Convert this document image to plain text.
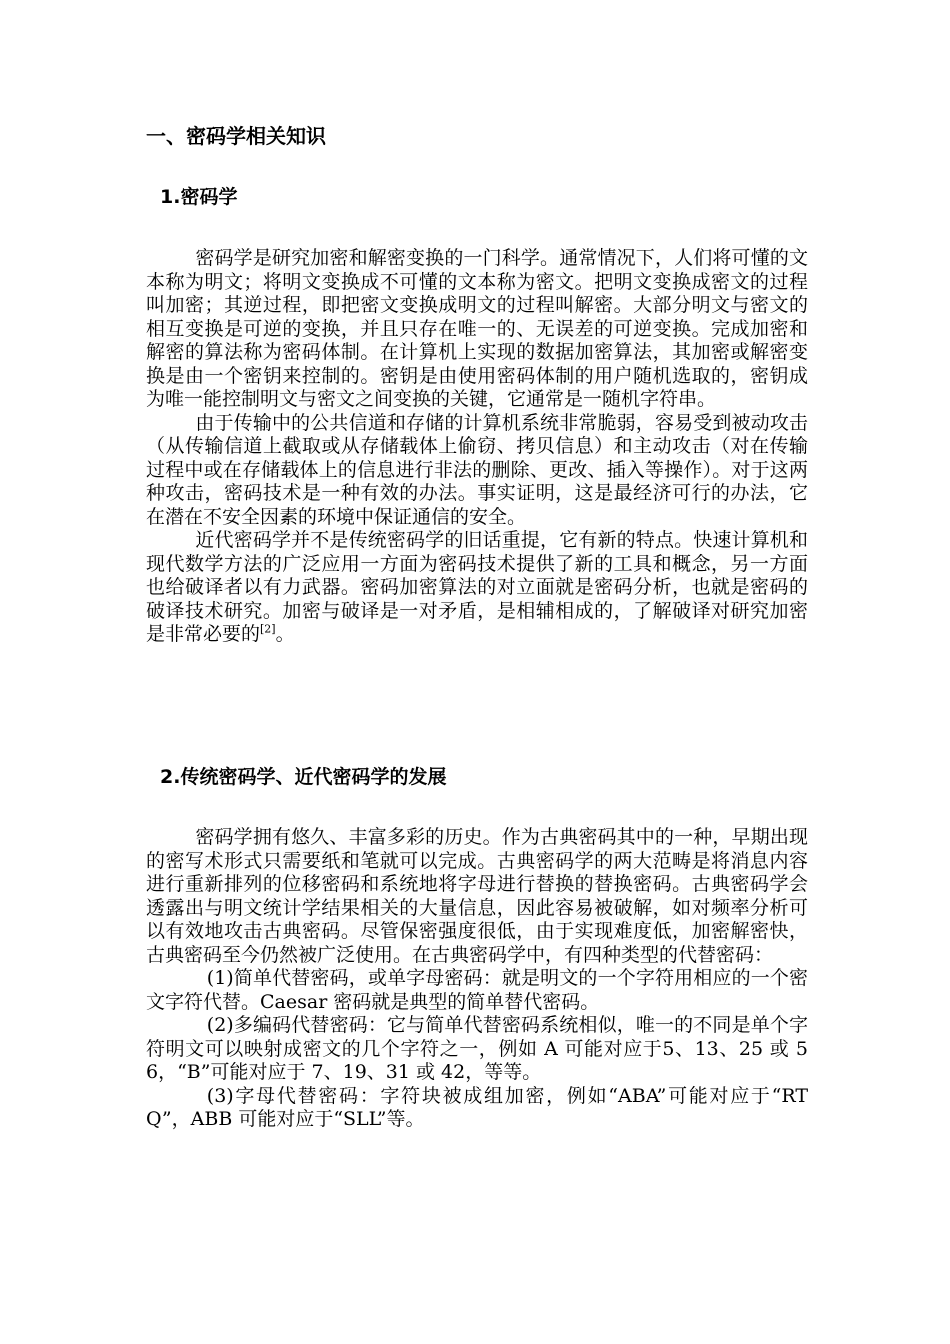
一、密码学相关知识
1.密码学

密码学是研究加密和解密变换的一门科学。通常情况下，人们将可懂的文本称为明文；将明文变换成不可懂的文本称为密文。把明文变换成密文的过程叫加密；其逆过程，即把密文变换成明文的过程叫解密。大部分明文与密文的相互变换是可逆的变换，并且只存在唯一的、无误差的可逆变换。完成加密和解密的算法称为密码体制。在计算机上实现的数据加密算法，其加密或解密变换是由一个密钥来控制的。密钥是由使用密码体制的用户随机选取的，密钥成为唯一能控制明文与密文之间变换的关键，它通常是一随机字符串。

由于传输中的公共信道和存储的计算机系统非常脆弱，容易受到被动攻击（从传输信道上截取或从存储载体上偷窃、拷贝信息）和主动攻击（对在传输过程中或在存储载体上的信息进行非法的删除、更改、插入等操作）。对于这两种攻击，密码技术是一种有效的办法。事实证明，这是最经济可行的办法，它在潜在不安全因素的环境中保证通信的安全。

近代密码学并不是传统密码学的旧话重提，它有新的特点。快速计算机和现代数学方法的广泛应用一方面为密码技术提供了新的工具和概念，另一方面也给破译者以有力武器。密码加密算法的对立面就是密码分析，也就是密码的破译技术研究。加密与破译是一对矛盾，是相辅相成的，了解破译对研究加密是非常必要的[2]。

2.传统密码学、近代密码学的发展

密码学拥有悠久、丰富多彩的历史。作为古典密码其中的一种，早期出现的密写术形式只需要纸和笔就可以完成。古典密码学的两大范畴是将消息内容进行重新排列的位移密码和系统地将字母进行替换的替换密码。古典密码学会透露出与明文统计学结果相关的大量信息，因此容易被破解，如对频率分析可以有效地攻击古典密码。尽管保密强度很低，由于实现难度低，加密解密快，古典密码至今仍然被广泛使用。在古典密码学中，有四种类型的代替密码：

(1)简单代替密码，或单字母密码：就是明文的一个字符用相应的一个密文字符代替。Caesar 密码就是典型的简单替代密码。

(2)多编码代替密码：它与简单代替密码系统相似，唯一的不同是单个字符明文可以映射成密文的几个字符之一，例如 A 可能对应于5、13、25 或 56，“B”可能对应于 7、19、31 或 42，等等。

(3)字母代替密码：字符块被成组加密，例如“ABA”可能对应于“RTQ”，ABB 可能对应于“SLL”等。
